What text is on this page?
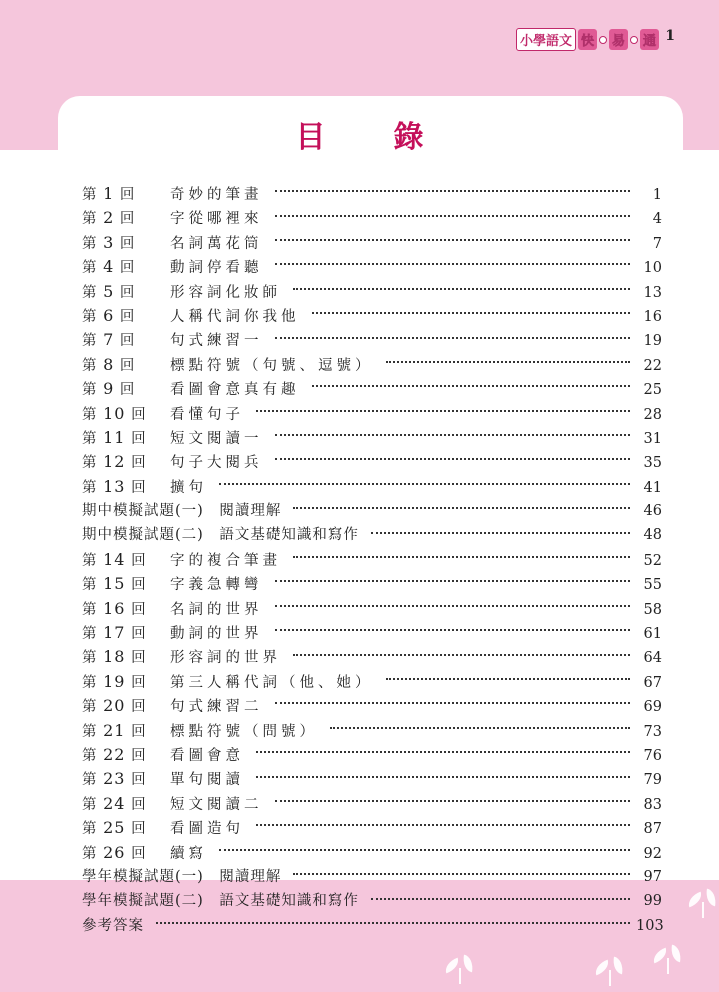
小學語文 快 易 通 1
目錄
第 1 回	奇妙的筆畫	1
第 2 回	字從哪裡來	4
第 3 回	名詞萬花筒	7
第 4 回	動詞停看聽	10
第 5 回	形容詞化妝師	13
第 6 回	人稱代詞你我他	16
第 7 回	句式練習一	19
第 8 回	標點符號（句號、逗號）	22
第 9 回	看圖會意真有趣	25
第 10 回	看懂句子	28
第 11 回	短文閱讀一	31
第 12 回	句子大閱兵	35
第 13 回	擴句	41
期中模擬試題(一)　閱讀理解	46
期中模擬試題(二)　語文基礎知識和寫作	48
第 14 回	字的複合筆畫	52
第 15 回	字義急轉彎	55
第 16 回	名詞的世界	58
第 17 回	動詞的世界	61
第 18 回	形容詞的世界	64
第 19 回	第三人稱代詞（他、她）	67
第 20 回	句式練習二	69
第 21 回	標點符號（問號）	73
第 22 回	看圖會意	76
第 23 回	單句閱讀	79
第 24 回	短文閱讀二	83
第 25 回	看圖造句	87
第 26 回	續寫	92
學年模擬試題(一)　閱讀理解	97
學年模擬試題(二)　語文基礎知識和寫作	99
參考答案	103
